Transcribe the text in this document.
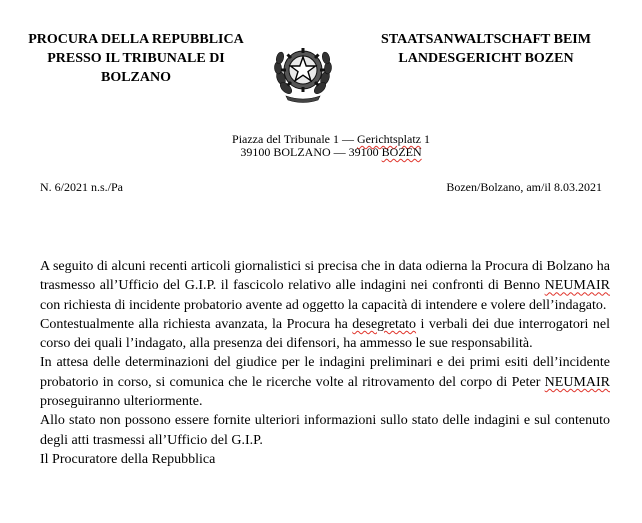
PROCURA DELLA REPUBBLICA
PRESSO IL TRIBUNALE DI
BOLZANO
STAATSANWALTSCHAFT BEIM
LANDESGERICHT BOZEN
Piazza del Tribunale 1 — Gerichtsplatz 1
39100 BOLZANO — 39100 BOZEN
N. 6/2021 n.s./Pa	Bozen/Bolzano, am/il 8.03.2021

A seguito di alcuni recenti articoli giornalistici si precisa che in data odierna la Procura di Bolzano ha trasmesso all’Ufficio del G.I.P. il fascicolo relativo alle indagini nei confronti di Benno NEUMAIR con richiesta di incidente probatorio avente ad oggetto la capacità di intendere e volere dell’indagato.

Contestualmente alla richiesta avanzata, la Procura ha desegretato i verbali dei due interrogatori nel corso dei quali l’indagato, alla presenza dei difensori, ha ammesso le sue responsabilità.

In attesa delle determinazioni del giudice per le indagini preliminari e dei primi esiti dell’incidente probatorio in corso, si comunica che le ricerche volte al ritrovamento del corpo di Peter NEUMAIR proseguiranno ulteriormente.

Allo stato non possono essere fornite ulteriori informazioni sullo stato delle indagini e sul contenuto degli atti trasmessi all’Ufficio del G.I.P.

Il Procuratore della Repubblica
